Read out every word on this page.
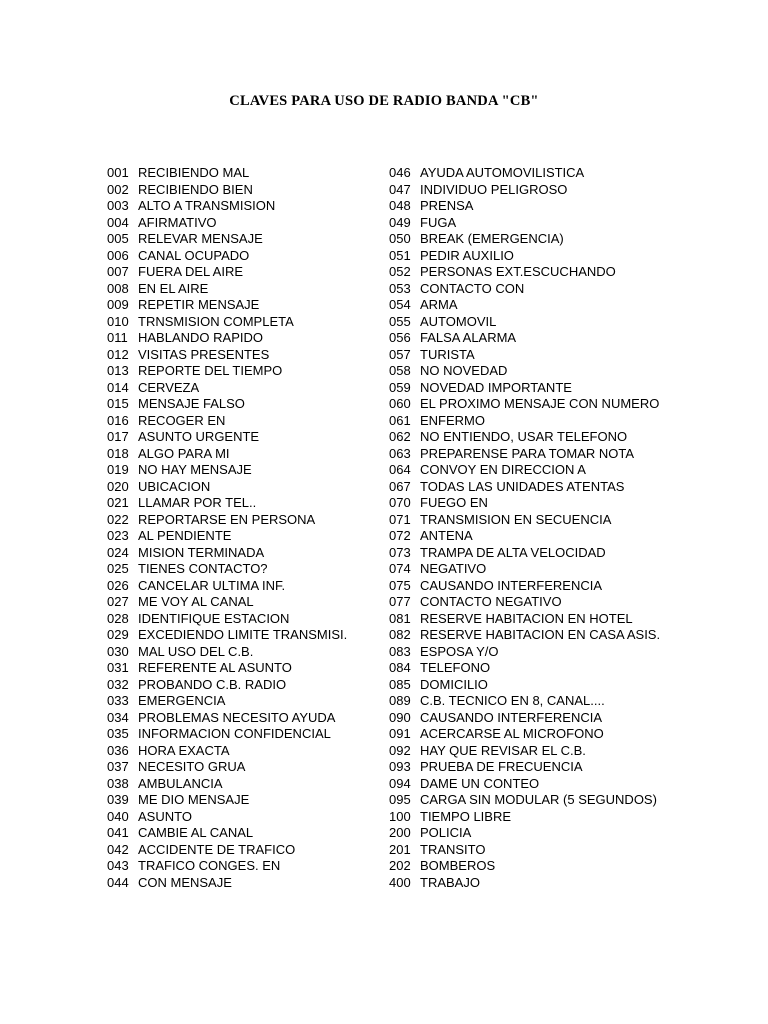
CLAVES PARA USO DE RADIO BANDA "CB"
001 RECIBIENDO MAL
002 RECIBIENDO BIEN
003 ALTO A TRANSMISION
004 AFIRMATIVO
005 RELEVAR MENSAJE
006 CANAL OCUPADO
007 FUERA DEL AIRE
008 EN EL AIRE
009 REPETIR MENSAJE
010 TRNSMISION COMPLETA
011 HABLANDO RAPIDO
012 VISITAS PRESENTES
013 REPORTE DEL TIEMPO
014 CERVEZA
015 MENSAJE FALSO
016 RECOGER EN
017 ASUNTO URGENTE
018 ALGO PARA MI
019 NO HAY MENSAJE
020 UBICACION
021 LLAMAR POR TEL..
022 REPORTARSE EN PERSONA
023 AL PENDIENTE
024 MISION TERMINADA
025 TIENES CONTACTO?
026 CANCELAR ULTIMA INF.
027 ME VOY AL CANAL
028 IDENTIFIQUE ESTACION
029 EXCEDIENDO LIMITE TRANSMISI.
030 MAL USO DEL C.B.
031 REFERENTE AL ASUNTO
032 PROBANDO C.B. RADIO
033 EMERGENCIA
034 PROBLEMAS NECESITO AYUDA
035 INFORMACION CONFIDENCIAL
036 HORA EXACTA
037 NECESITO GRUA
038 AMBULANCIA
039 ME DIO MENSAJE
040 ASUNTO
041 CAMBIE AL CANAL
042 ACCIDENTE DE TRAFICO
043 TRAFICO CONGES. EN
044 CON MENSAJE
046 AYUDA AUTOMOVILISTICA
047 INDIVIDUO PELIGROSO
048 PRENSA
049 FUGA
050 BREAK (EMERGENCIA)
051 PEDIR AUXILIO
052 PERSONAS EXT.ESCUCHANDO
053 CONTACTO CON
054 ARMA
055 AUTOMOVIL
056 FALSA ALARMA
057 TURISTA
058 NO NOVEDAD
059 NOVEDAD IMPORTANTE
060 EL PROXIMO MENSAJE CON NUMERO
061 ENFERMO
062 NO ENTIENDO, USAR TELEFONO
063 PREPARENSE PARA TOMAR NOTA
064 CONVOY EN DIRECCION A
067 TODAS LAS UNIDADES ATENTAS
070 FUEGO EN
071 TRANSMISION EN SECUENCIA
072 ANTENA
073 TRAMPA DE ALTA VELOCIDAD
074 NEGATIVO
075 CAUSANDO INTERFERENCIA
077 CONTACTO NEGATIVO
081 RESERVE HABITACION EN HOTEL
082 RESERVE HABITACION EN CASA ASIS.
083 ESPOSA Y/O
084 TELEFONO
085 DOMICILIO
089 C.B. TECNICO EN 8, CANAL....
090 CAUSANDO INTERFERENCIA
091 ACERCARSE AL MICROFONO
092 HAY QUE REVISAR EL C.B.
093 PRUEBA DE FRECUENCIA
094 DAME UN CONTEO
095 CARGA SIN MODULAR (5 SEGUNDOS)
100 TIEMPO LIBRE
200 POLICIA
201 TRANSITO
202 BOMBEROS
400 TRABAJO
